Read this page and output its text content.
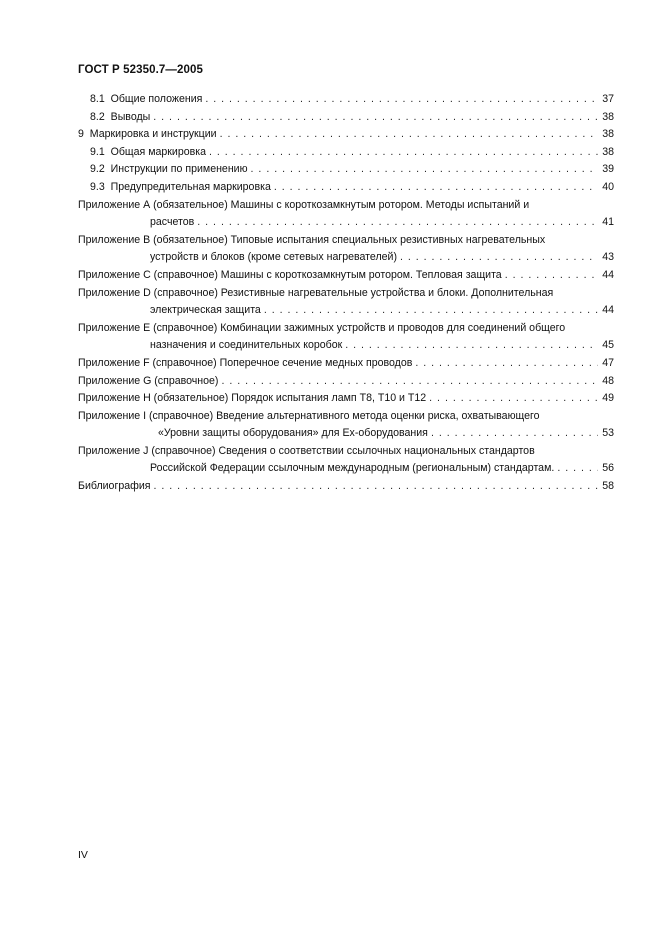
ГОСТ Р 52350.7—2005
8.1 Общие положения . . .	37
8.2 Выводы . . .	38
9 Маркировка и инструкции . . .	38
9.1 Общая маркировка . . .	38
9.2 Инструкции по применению . . .	39
9.3 Предупредительная маркировка . . .	40
Приложение А (обязательное) Машины с короткозамкнутым ротором. Методы испытаний и
расчетов . . .	41
Приложение В (обязательное) Типовые испытания специальных резистивных нагревательных
устройств и блоков (кроме сетевых нагревателей) . . .	43
Приложение С (справочное) Машины с короткозамкнутым ротором. Тепловая защита . . .	44
Приложение D (справочное) Резистивные нагревательные устройства и блоки. Дополнительная
электрическая защита . . .	44
Приложение Е (справочное) Комбинации зажимных устройств и проводов для соединений общего
назначения и соединительных коробок . . .	45
Приложение F (справочное) Поперечное сечение медных проводов . . .	47
Приложение G (справочное) . . .	48
Приложение Н (обязательное) Порядок испытания ламп Т8, Т10 и Т12 . . .	49
Приложение I (справочное) Введение альтернативного метода оценки риска, охватывающего
«Уровни защиты оборудования» для Ех-оборудования . . .	53
Приложение J (справочное) Сведения о соответствии ссылочных национальных стандартов
Российской Федерации ссылочным международным (региональным) стандартам. . . .	56
Библиография . . .	58
IV
